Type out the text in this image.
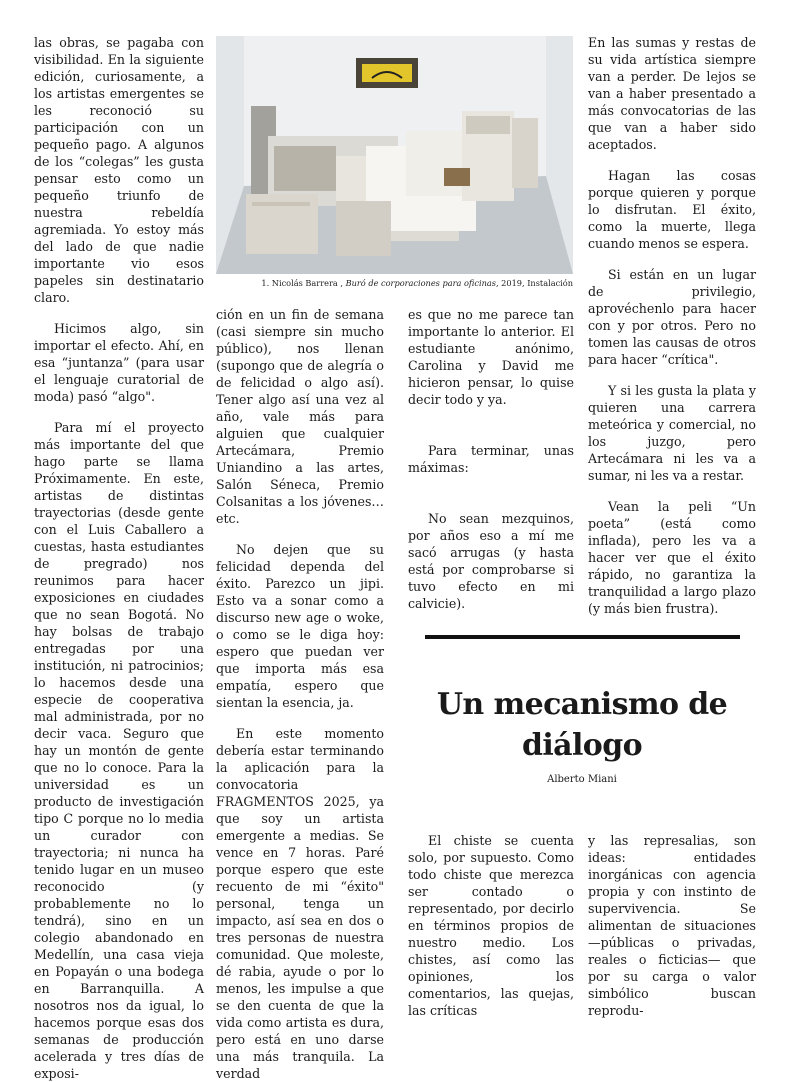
las obras, se pagaba con visibilidad. En la siguiente edición, curiosamente, a los artistas emergentes se les reconoció su participación con un pequeño pago. A algunos de los “colegas” les gusta pensar esto como un pequeño triunfo de nuestra rebeldía agremiada. Yo estoy más del lado de que nadie importante vio esos papeles sin destinatario claro.

Hicimos algo, sin importar el efecto. Ahí, en esa “juntanza” (para usar el lenguaje curatorial de moda) pasó “algo".

Para mí el proyecto más importante del que hago parte se llama Próximamente. En este, artistas de distintas trayectorias (desde gente con el Luis Caballero a cuestas, hasta estudiantes de pregrado) nos reunimos para hacer exposiciones en ciudades que no sean Bogotá. No hay bolsas de trabajo entregadas por una institución, ni patrocinios; lo hacemos desde una especie de cooperativa mal administrada, por no decir vaca. Seguro que hay un montón de gente que no lo conoce. Para la universidad es un producto de investigación tipo C porque no lo media un curador con trayectoria; ni nunca ha tenido lugar en un museo reconocido (y probablemente no lo tendrá), sino en un colegio abandonado en Medellín, una casa vieja en Popayán o una bodega en Barranquilla. A nosotros nos da igual, lo hacemos porque esas dos semanas de producción acelerada y tres días de exposi-

1. Nicolás Barrera , Buró de corporaciones para oficinas, 2019, Instalación

ción en un fin de semana (casi siempre sin mucho público), nos llenan (supongo que de alegría o de felicidad o algo así). Tener algo así una vez al año, vale más para alguien que cualquier Artecámara, Premio Uniandino a las artes, Salón Séneca, Premio Colsanitas a los jóvenes…etc.

No dejen que su felicidad dependa del éxito. Parezco un jipi. Esto va a sonar como a discurso new age o woke, o como se le diga hoy: espero que puedan ver que importa más esa empatía, espero que sientan la esencia, ja.

En este momento debería estar terminando la aplicación para la convocatoria FRAGMENTOS 2025, ya que soy un artista emergente a medias. Se vence en 7 horas. Paré porque espero que este recuento de mi “éxito" personal, tenga un impacto, así sea en dos o tres personas de nuestra comunidad. Que moleste, dé rabia, ayude o por lo menos, les impulse a que se den cuenta de que la vida como artista es dura, pero está en uno darse una más tranquila. La verdad

es que no me parece tan importante lo anterior. El estudiante anónimo, Carolina y David me hicieron pensar, lo quise decir todo y ya.

Para terminar, unas máximas:

No sean mezquinos, por años eso a mí me sacó arrugas (y hasta está por comprobarse si tuvo efecto en mi calvicie).

En las sumas y restas de su vida artística siempre van a perder. De lejos se van a haber presentado a más convocatorias de las que van a haber sido aceptados.

Hagan las cosas porque quieren y porque lo disfrutan. El éxito, como la muerte, llega cuando menos se espera.

Si están en un lugar de privilegio, aprovéchenlo para hacer con y por otros. Pero no tomen las causas de otros para hacer “crítica".

Y si les gusta la plata y quieren una carrera meteórica y comercial, no los juzgo, pero Artecámara ni les va a sumar, ni les va a restar.

Vean la peli “Un poeta” (está como inflada), pero les va a hacer ver que el éxito rápido, no garantiza la tranquilidad a largo plazo (y más bien frustra).

Un mecanismo de diálogo
Alberto Miani

El chiste se cuenta solo, por supuesto. Como todo chiste que merezca ser contado o representado, por decirlo en términos propios de nuestro medio. Los chistes, así como las opiniones, los comentarios, las quejas, las críticas

y las represalias, son ideas: entidades inorgánicas con agencia propia y con instinto de supervivencia. Se alimentan de situaciones —públicas o privadas, reales o ficticias— que por su carga o valor simbólico buscan reprodu-
